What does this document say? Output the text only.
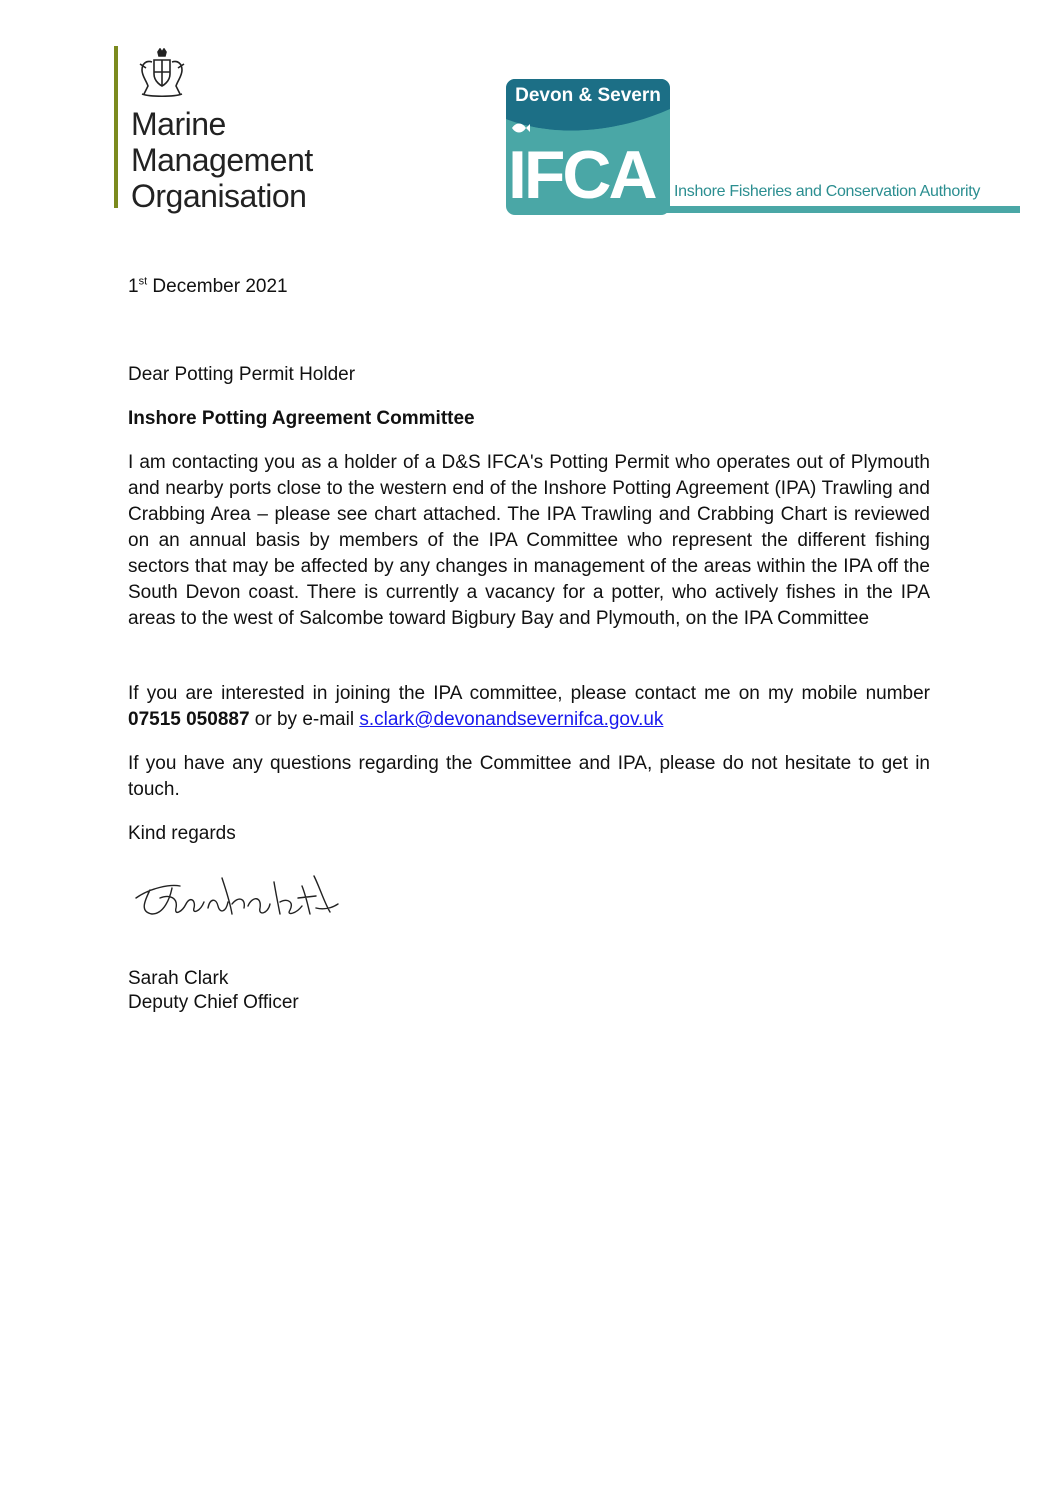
Marine
Management
Organisation
Devon & Severn
IFCA Inshore Fisheries and Conservation Authority
1st December 2021
Dear Potting Permit Holder
Inshore Potting Agreement Committee
I am contacting you as a holder of a D&S IFCA's Potting Permit who operates out of Plymouth and nearby ports close to the western end of the Inshore Potting Agreement (IPA) Trawling and Crabbing Area – please see chart attached. The IPA Trawling and Crabbing Chart is reviewed on an annual basis by members of the IPA Committee who represent the different fishing sectors that may be affected by any changes in management of the areas within the IPA off the South Devon coast. There is currently a vacancy for a potter, who actively fishes in the IPA areas to the west of Salcombe toward Bigbury Bay and Plymouth, on the IPA Committee
If you are interested in joining the IPA committee, please contact me on my mobile number 07515 050887 or by e-mail s.clark@devonandsevernifca.gov.uk
If you have any questions regarding the Committee and IPA, please do not hesitate to get in touch.
Kind regards
Sarah Clark
Deputy Chief Officer
